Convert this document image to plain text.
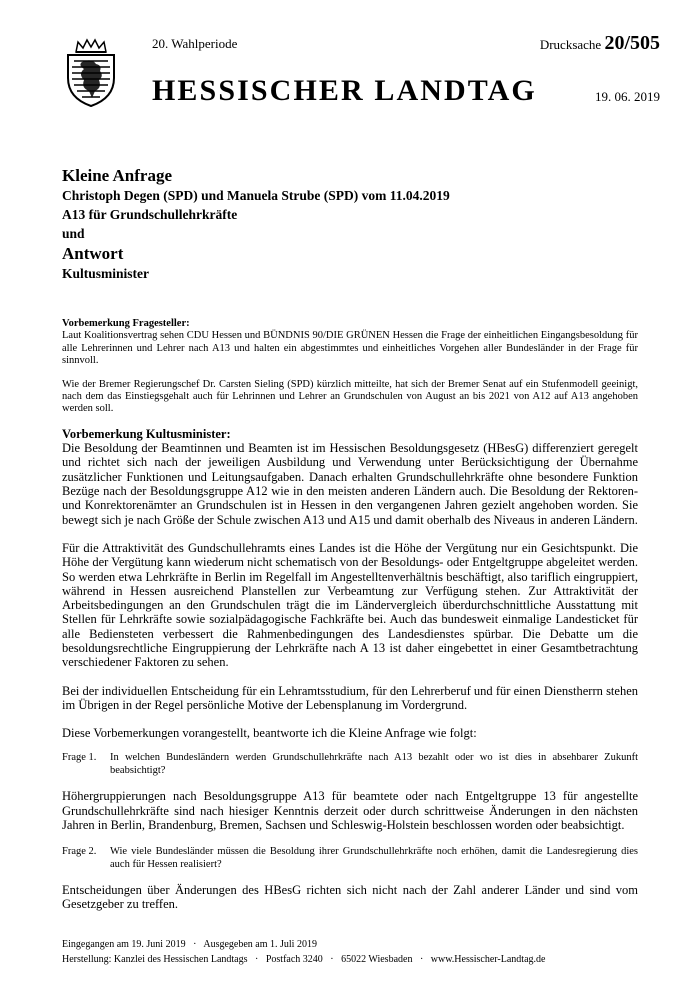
20. Wahlperiode	Drucksache 20/505
HESSISCHER LANDTAG	19. 06. 2019
Kleine Anfrage
Christoph Degen (SPD) und Manuela Strube (SPD) vom 11.04.2019
A13 für Grundschullehrkräfte
und
Antwort
Kultusminister

Vorbemerkung Fragesteller:

Laut Koalitionsvertrag sehen CDU Hessen und BÜNDNIS 90/DIE GRÜNEN Hessen die Frage der einheitlichen Eingangsbesoldung für alle Lehrerinnen und Lehrer nach A13 und halten ein abgestimmtes und einheitliches Vorgehen aller Bundesländer in der Frage für sinnvoll.

Wie der Bremer Regierungschef Dr. Carsten Sieling (SPD) kürzlich mitteilte, hat sich der Bremer Senat auf ein Stufenmodell geeinigt, nach dem das Einstiegsgehalt auch für Lehrinnen und Lehrer an Grundschulen von August an bis 2021 von A12 auf A13 angehoben werden soll.

Vorbemerkung Kultusminister:

Die Besoldung der Beamtinnen und Beamten ist im Hessischen Besoldungsgesetz (HBesG) differenziert geregelt und richtet sich nach der jeweiligen Ausbildung und Verwendung unter Berücksichtigung der Übernahme zusätzlicher Funktionen und Leitungsaufgaben. Danach erhalten Grundschullehrkräfte ohne besondere Funktion Bezüge nach der Besoldungsgruppe A12 wie in den meisten anderen Ländern auch. Die Besoldung der Rektoren- und Konrektorenämter an Grundschulen ist in Hessen in den vergangenen Jahren gezielt angehoben worden. Sie bewegt sich je nach Größe der Schule zwischen A13 und A15 und damit oberhalb des Niveaus in anderen Ländern.

Für die Attraktivität des Gundschullehramts eines Landes ist die Höhe der Vergütung nur ein Gesichtspunkt. Die Höhe der Vergütung kann wiederum nicht schematisch von der Besoldungs- oder Entgeltgruppe abgeleitet werden. So werden etwa Lehrkräfte in Berlin im Regelfall im Angestelltenverhältnis beschäftigt, also tariflich eingruppiert, während in Hessen ausreichend Planstellen zur Verbeamtung zur Verfügung stehen. Zur Attraktivität der Arbeitsbedingungen an den Grundschulen trägt die im Ländervergleich überdurchschnittliche Ausstattung mit Stellen für Lehrkräfte sowie sozialpädagogische Fachkräfte bei. Auch das bundesweit einmalige Landesticket für alle Bediensteten verbessert die Rahmenbedingungen des Landesdienstes spürbar. Die Debatte um die besoldungsrechtliche Eingruppierung der Lehrkräfte nach A 13 ist daher eingebettet in einer Gesamtbetrachtung verschiedener Faktoren zu sehen.

Bei der individuellen Entscheidung für ein Lehramtsstudium, für den Lehrerberuf und für einen Dienstherrn stehen im Übrigen in der Regel persönliche Motive der Lebensplanung im Vordergrund.

Diese Vorbemerkungen vorangestellt, beantworte ich die Kleine Anfrage wie folgt:

Frage 1.	In welchen Bundesländern werden Grundschullehrkräfte nach A13 bezahlt oder wo ist dies in absehbarer Zukunft beabsichtigt?

Höhergruppierungen nach Besoldungsgruppe A13 für beamtete oder nach Entgeltgruppe 13 für angestellte Grundschullehrkräfte sind nach hiesiger Kenntnis derzeit oder durch schrittweise Änderungen in den nächsten Jahren in Berlin, Brandenburg, Bremen, Sachsen und Schleswig-Holstein beschlossen worden oder beabsichtigt.

Frage 2.	Wie viele Bundesländer müssen die Besoldung ihrer Grundschullehrkräfte noch erhöhen, damit die Landesregierung dies auch für Hessen realisiert?

Entscheidungen über Änderungen des HBesG richten sich nicht nach der Zahl anderer Länder und sind vom Gesetzgeber zu treffen.

Eingegangen am 19. Juni 2019   ·   Ausgegeben am 1. Juli 2019
Herstellung: Kanzlei des Hessischen Landtags   ·   Postfach 3240   ·   65022 Wiesbaden   ·   www.Hessischer-Landtag.de
